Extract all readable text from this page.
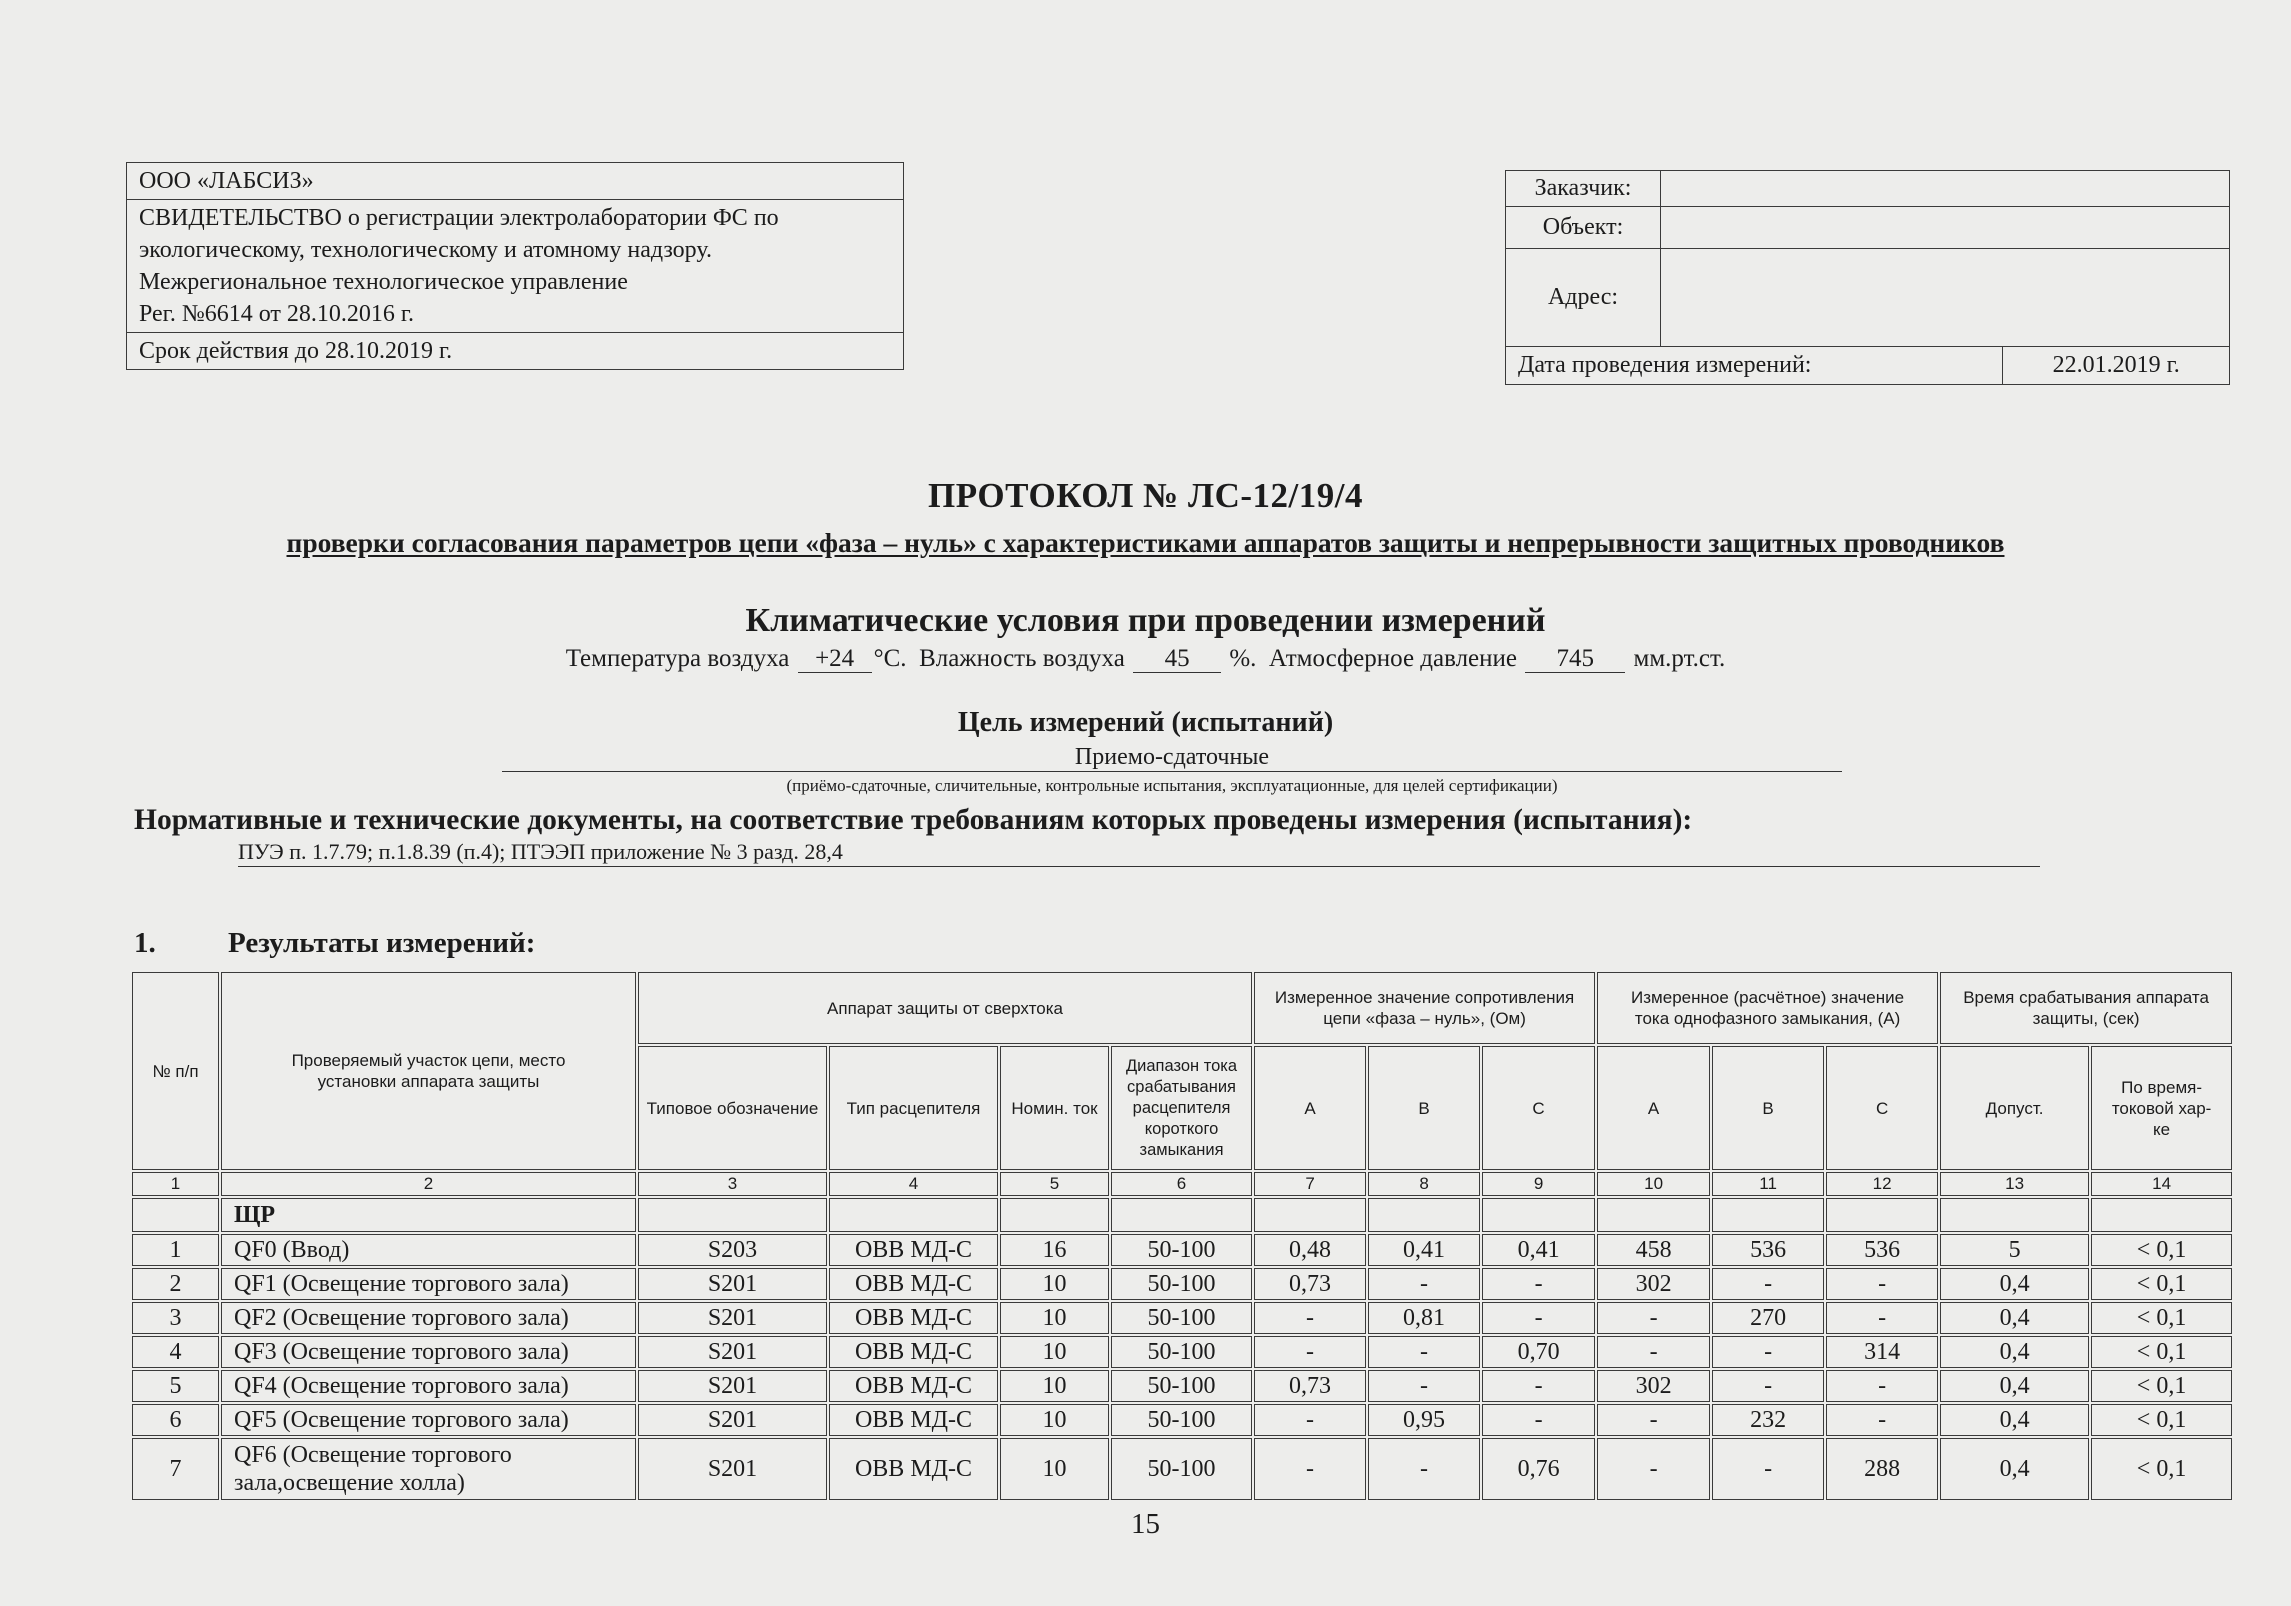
ООО «ЛАБСИЗ»

СВИДЕТЕЛЬСТВО о регистрации электролаборатории ФС по
экологическому, технологическому и атомному надзору.
Межрегиональное технологическое управление
Рег. №6614 от 28.10.2016 г.

Срок действия до 28.10.2019 г.
Заказчик:		
Объект:		
Адрес:		
Дата проведения измерений:		22.01.2019 г.
ПРОТОКОЛ № ЛС-12/19/4
проверки согласования параметров цепи «фаза – нуль» с характеристиками аппаратов защиты и непрерывности защитных проводников
Климатические условия при проведении измерений
Температура воздуха +24 °С. Влажность воздуха 45 %. Атмосферное давление 745 мм.рт.ст.
Цель измерений (испытаний)
Приемо-сдаточные
(приёмо-сдаточные, сличительные, контрольные испытания, эксплуатационные, для целей сертификации)
Нормативные и технические документы, на соответствие требованиям которых проведены измерения (испытания):
ПУЭ п. 1.7.79; п.1.8.39 (п.4); ПТЭЭП приложение № 3 разд. 28,4
1. Результаты измерений:
№ п/п	Проверяемый участок цепи, место установки аппарата защиты	Аппарат защиты от сверхтока				Измеренное значение сопротивления цепи «фаза – нуль», (Ом)			Измеренное (расчётное) значение тока однофазного замыкания, (А)			Время срабатывания аппарата защиты, (сек)	
		Типовое обозначение	Тип расцепителя	Номин. ток	Диапазон тока срабатывания расцепителя короткого замыкания	А	В	С	А	В	С	Допуст.	По время-токовой хар-ке
1	2	3	4	5	6	7	8	9	10	11	12	13	14
	ЩР												
1	QF0 (Ввод)	S203	ОВВ МД-С	16	50-100	0,48	0,41	0,41	458	536	536	5	< 0,1
2	QF1 (Освещение торгового зала)	S201	ОВВ МД-С	10	50-100	0,73	-	-	302	-	-	0,4	< 0,1
3	QF2 (Освещение торгового зала)	S201	ОВВ МД-С	10	50-100	-	0,81	-	-	270	-	0,4	< 0,1
4	QF3 (Освещение торгового зала)	S201	ОВВ МД-С	10	50-100	-	-	0,70	-	-	314	0,4	< 0,1
5	QF4 (Освещение торгового зала)	S201	ОВВ МД-С	10	50-100	0,73	-	-	302	-	-	0,4	< 0,1
6	QF5 (Освещение торгового зала)	S201	ОВВ МД-С	10	50-100	-	0,95	-	-	232	-	0,4	< 0,1
7	QF6 (Освещение торгового зала,освещение холла)	S201	ОВВ МД-С	10	50-100	-	-	0,76	-	-	288	0,4	< 0,1
15
